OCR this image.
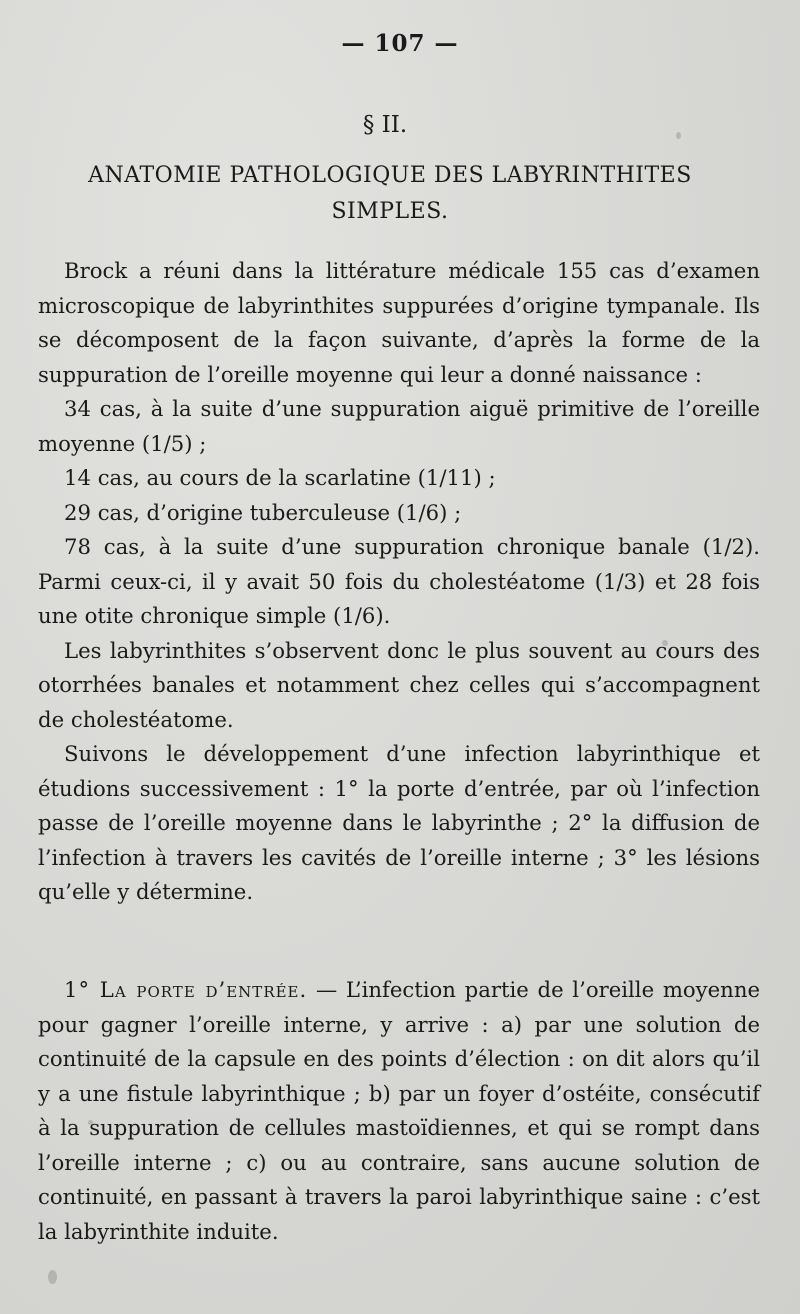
— 107 —
§ II.
ANATOMIE PATHOLOGIQUE DES LABYRINTHITES SIMPLES.

Brock a réuni dans la littérature médicale 155 cas d’examen microscopique de labyrinthites suppurées d’origine tympanale. Ils se décomposent de la façon suivante, d’après la forme de la suppuration de l’oreille moyenne qui leur a donné naissance :

34 cas, à la suite d’une suppuration aiguë primitive de l’oreille moyenne (1/5) ;

14 cas, au cours de la scarlatine (1/11) ;

29 cas, d’origine tuberculeuse (1/6) ;

78 cas, à la suite d’une suppuration chronique banale (1/2). Parmi ceux-ci, il y avait 50 fois du cholestéatome (1/3) et 28 fois une otite chronique simple (1/6).

Les labyrinthites s’observent donc le plus souvent au cours des otorrhées banales et notamment chez celles qui s’accompagnent de cholestéatome.

Suivons le développement d’une infection labyrinthique et étudions successivement : 1° la porte d’entrée, par où l’infection passe de l’oreille moyenne dans le labyrinthe ; 2° la diffusion de l’infection à travers les cavités de l’oreille interne ; 3° les lésions qu’elle y détermine.

1° La porte d’entrée. — L’infection partie de l’oreille moyenne pour gagner l’oreille interne, y arrive : a) par une solution de continuité de la capsule en des points d’élection : on dit alors qu’il y a une fistule labyrinthique ; b) par un foyer d’ostéite, consécutif à la suppuration de cellules mastoïdiennes, et qui se rompt dans l’oreille interne ; c) ou au contraire, sans aucune solution de continuité, en passant à travers la paroi labyrinthique saine : c’est la labyrinthite induite.
